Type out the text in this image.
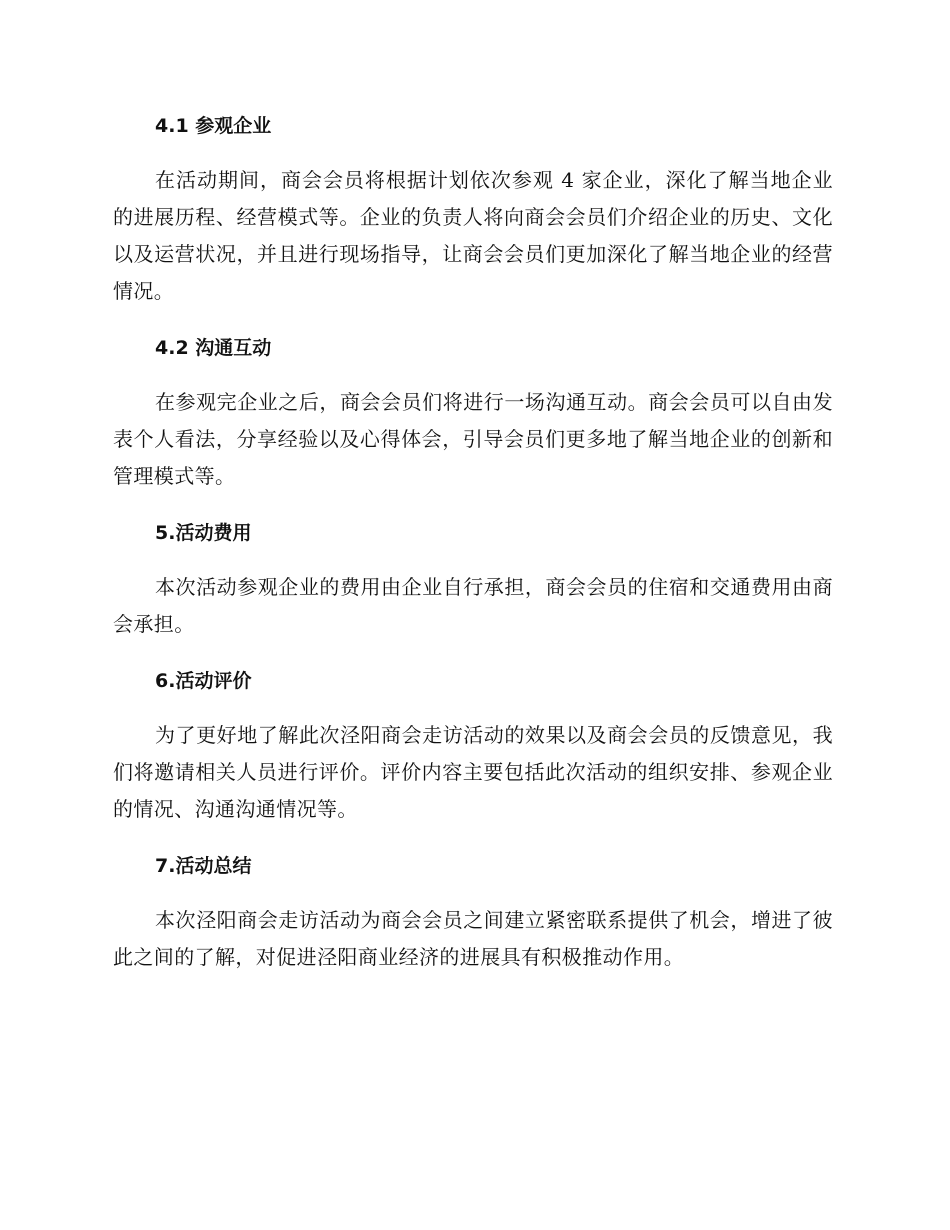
4.1 参观企业

在活动期间，商会会员将根据计划依次参观 4 家企业，深化了解当地企业的进展历程、经营模式等。企业的负责人将向商会会员们介绍企业的历史、文化以及运营状况，并且进行现场指导，让商会会员们更加深化了解当地企业的经营情况。

4.2 沟通互动

在参观完企业之后，商会会员们将进行一场沟通互动。商会会员可以自由发表个人看法，分享经验以及心得体会，引导会员们更多地了解当地企业的创新和管理模式等。

5.活动费用

本次活动参观企业的费用由企业自行承担，商会会员的住宿和交通费用由商会承担。

6.活动评价

为了更好地了解此次泾阳商会走访活动的效果以及商会会员的反馈意见，我们将邀请相关人员进行评价。评价内容主要包括此次活动的组织安排、参观企业的情况、沟通沟通情况等。

7.活动总结

本次泾阳商会走访活动为商会会员之间建立紧密联系提供了机会，增进了彼此之间的了解，对促进泾阳商业经济的进展具有积极推动作用。
